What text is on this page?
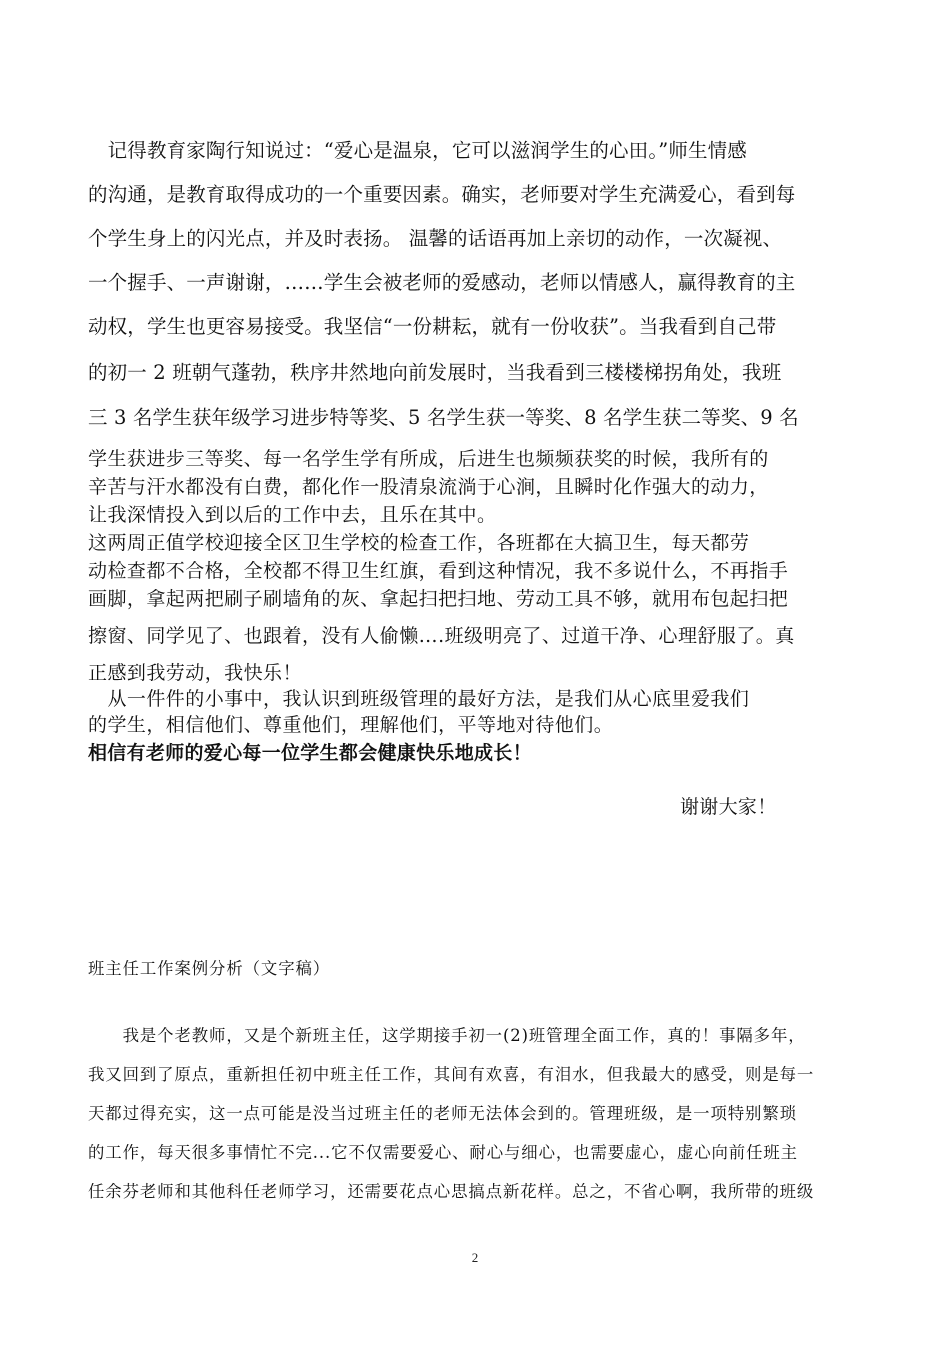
　记得教育家陶行知说过：“爱心是温泉，它可以滋润学生的心田。”师生情感
的沟通，是教育取得成功的一个重要因素。确实，老师要对学生充满爱心，看到每
个学生身上的闪光点，并及时表扬。 温馨的话语再加上亲切的动作，一次凝视、
一个握手、一声谢谢，……学生会被老师的爱感动，老师以情感人，赢得教育的主
动权，学生也更容易接受。我坚信“一份耕耘，就有一份收获”。当我看到自己带
的初一 2 班朝气蓬勃，秩序井然地向前发展时，当我看到三楼楼梯拐角处，我班
三 3 名学生获年级学习进步特等奖、5 名学生获一等奖、8 名学生获二等奖、9 名
学生获进步三等奖、每一名学生学有所成，后进生也频频获奖的时候，我所有的
辛苦与汗水都没有白费，都化作一股清泉流淌于心涧，且瞬时化作强大的动力，
让我深情投入到以后的工作中去，且乐在其中。
这两周正值学校迎接全区卫生学校的检查工作，各班都在大搞卫生，每天都劳
动检查都不合格，全校都不得卫生红旗，看到这种情况，我不多说什么，不再指手
画脚，拿起两把刷子刷墙角的灰、拿起扫把扫地、劳动工具不够，就用布包起扫把
擦窗、同学见了、也跟着，没有人偷懒….班级明亮了、过道干净、心理舒服了。真
正感到我劳动，我快乐！
　从一件件的小事中，我认识到班级管理的最好方法，是我们从心底里爱我们
的学生，相信他们、尊重他们，理解他们，平等地对待他们。
相信有老师的爱心每一位学生都会健康快乐地成长！
谢谢大家！
班主任工作案例分析（文字稿）
　　我是个老教师，又是个新班主任，这学期接手初一(2)班管理全面工作，真的！事隔多年，
我又回到了原点，重新担任初中班主任工作，其间有欢喜，有泪水，但我最大的感受，则是每一
天都过得充实，这一点可能是没当过班主任的老师无法体会到的。管理班级，是一项特别繁琐
的工作，每天很多事情忙不完...它不仅需要爱心、耐心与细心，也需要虚心，虚心向前任班主
任余芬老师和其他科任老师学习，还需要花点心思搞点新花样。总之，不省心啊，我所带的班级
2
